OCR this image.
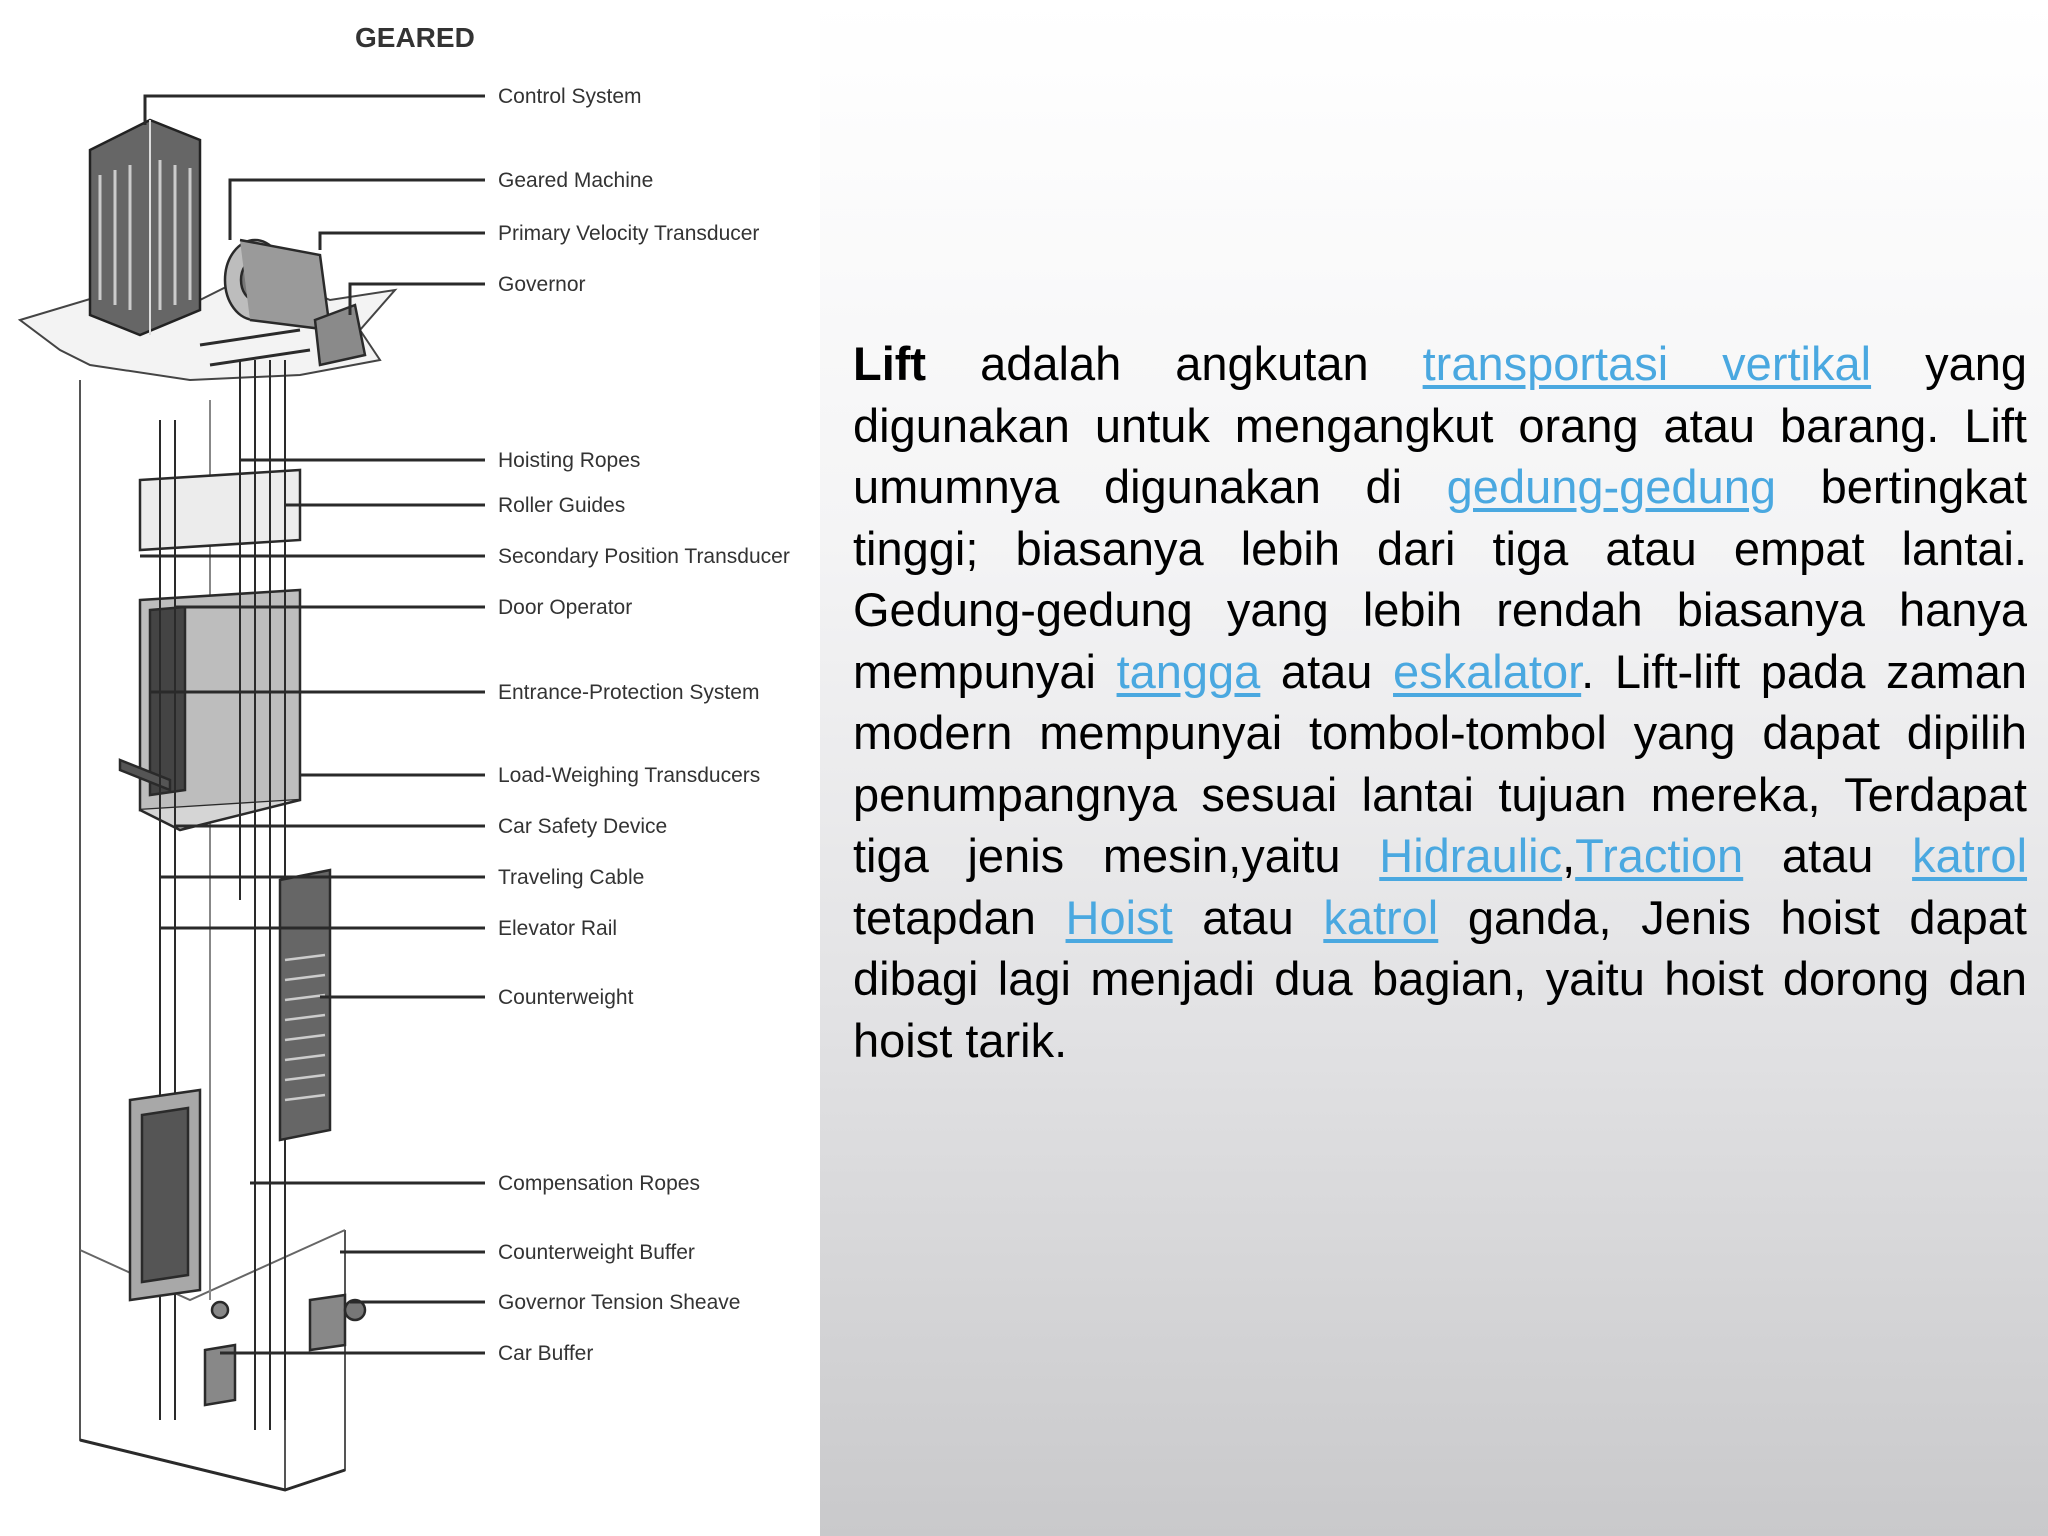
GEARED
Control System
Geared Machine
Primary Velocity Transducer
Governor
Hoisting Ropes
Roller Guides
Secondary Position Transducer
Door Operator
Entrance-Protection System
Load-Weighing Transducers
Car Safety Device
Traveling Cable
Elevator Rail
Counterweight
Compensation Ropes
Counterweight Buffer
Governor Tension Sheave
Car Buffer
Lift adalah angkutan transportasi vertikal yang digunakan untuk mengangkut orang atau barang. Lift umumnya digunakan di gedung-gedung bertingkat tinggi; biasanya lebih dari tiga atau empat lantai. Gedung-gedung yang lebih rendah biasanya hanya mempunyai tangga atau eskalator. Lift-lift pada zaman modern mempunyai tombol-tombol yang dapat dipilih penumpangnya sesuai lantai tujuan mereka, Terdapat tiga jenis mesin,yaitu Hidraulic,Traction atau katrol tetapdan Hoist atau katrol ganda, Jenis hoist dapat dibagi lagi menjadi dua bagian, yaitu hoist dorong dan hoist tarik.
